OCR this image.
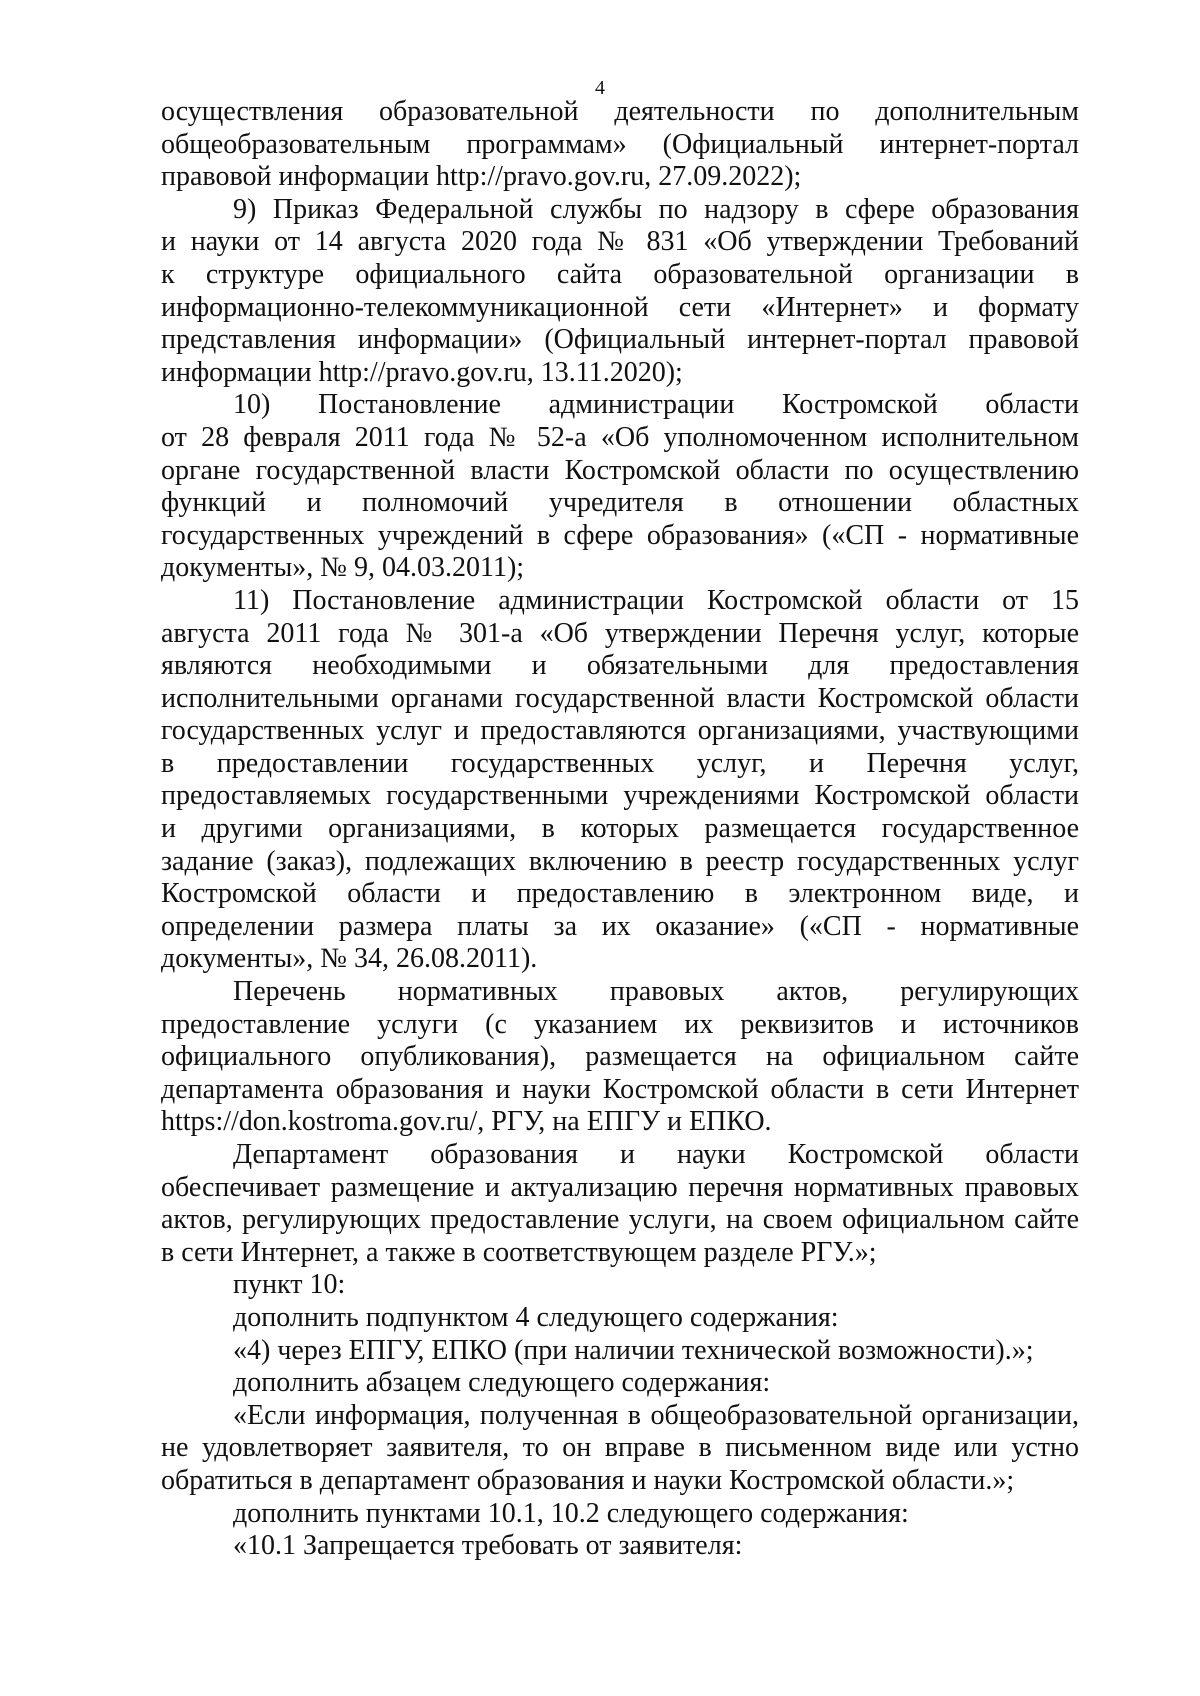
4
осуществления образовательной деятельности по дополнительным
общеобразовательным программам» (Официальный интернет-портал
правовой информации http://pravo.gov.ru, 27.09.2022);
9) Приказ Федеральной службы по надзору в сфере образования
и науки от 14 августа 2020 года № 831 «Об утверждении Требований
к структуре официального сайта образовательной организации в
информационно-телекоммуникационной сети «Интернет» и формату
представления информации» (Официальный интернет-портал правовой
информации http://pravo.gov.ru, 13.11.2020);
10) Постановление администрации Костромской области
от 28 февраля 2011 года № 52-а «Об уполномоченном исполнительном
органе государственной власти Костромской области по осуществлению
функций и полномочий учредителя в отношении областных
государственных учреждений в сфере образования» («СП - нормативные
документы», № 9, 04.03.2011);
11) Постановление администрации Костромской области от 15
августа 2011 года № 301-а «Об утверждении Перечня услуг, которые
являются необходимыми и обязательными для предоставления
исполнительными органами государственной власти Костромской области
государственных услуг и предоставляются организациями, участвующими
в предоставлении государственных услуг, и Перечня услуг,
предоставляемых государственными учреждениями Костромской области
и другими организациями, в которых размещается государственное
задание (заказ), подлежащих включению в реестр государственных услуг
Костромской области и предоставлению в электронном виде, и
определении размера платы за их оказание» («СП - нормативные
документы», № 34, 26.08.2011).
Перечень нормативных правовых актов, регулирующих
предоставление услуги (с указанием их реквизитов и источников
официального опубликования), размещается на официальном сайте
департамента образования и науки Костромской области в сети Интернет
https://don.kostroma.gov.ru/, РГУ, на ЕПГУ и ЕПКО.
Департамент образования и науки Костромской области
обеспечивает размещение и актуализацию перечня нормативных правовых
актов, регулирующих предоставление услуги, на своем официальном сайте
в сети Интернет, а также в соответствующем разделе РГУ.»;
пункт 10:
дополнить подпунктом 4 следующего содержания:
«4) через ЕПГУ, ЕПКО (при наличии технической возможности).»;
дополнить абзацем следующего содержания:
«Если информация, полученная в общеобразовательной организации,
не удовлетворяет заявителя, то он вправе в письменном виде или устно
обратиться в департамент образования и науки Костромской области.»;
дополнить пунктами 10.1, 10.2 следующего содержания:
«10.1 Запрещается требовать от заявителя:
